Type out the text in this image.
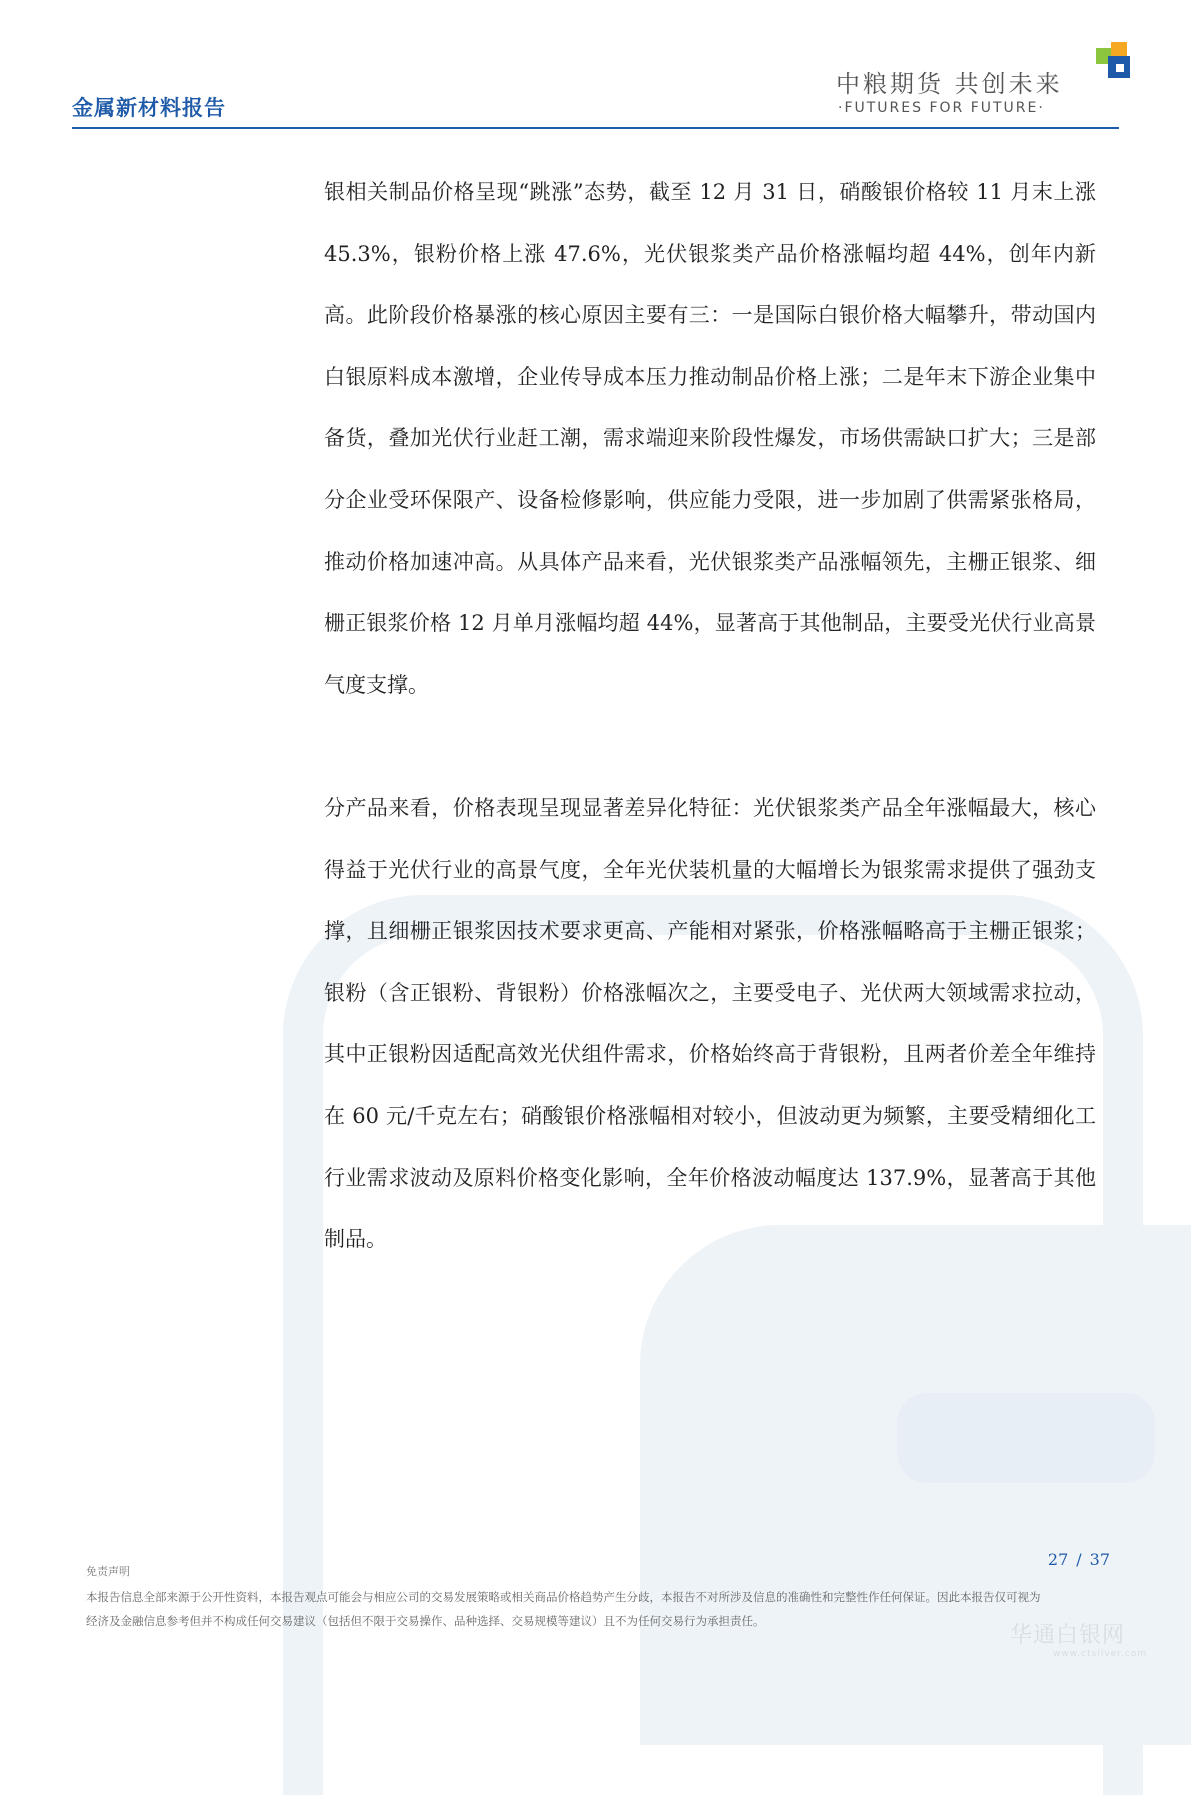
金属新材料报告
中粮期货 共创未来
·FUTURES FOR FUTURE·
银相关制品价格呈现“跳涨”态势，截至 12 月 31 日，硝酸银价格较 11 月末上涨 45.3%，银粉价格上涨 47.6%，光伏银浆类产品价格涨幅均超 44%，创年内新高。此阶段价格暴涨的核心原因主要有三：一是国际白银价格大幅攀升，带动国内白银原料成本激增，企业传导成本压力推动制品价格上涨；二是年末下游企业集中备货，叠加光伏行业赶工潮，需求端迎来阶段性爆发，市场供需缺口扩大；三是部分企业受环保限产、设备检修影响，供应能力受限，进一步加剧了供需紧张格局，推动价格加速冲高。从具体产品来看，光伏银浆类产品涨幅领先，主栅正银浆、细栅正银浆价格 12 月单月涨幅均超 44%，显著高于其他制品，主要受光伏行业高景气度支撑。
分产品来看，价格表现呈现显著差异化特征：光伏银浆类产品全年涨幅最大，核心得益于光伏行业的高景气度，全年光伏装机量的大幅增长为银浆需求提供了强劲支撑，且细栅正银浆因技术要求更高、产能相对紧张，价格涨幅略高于主栅正银浆；银粉（含正银粉、背银粉）价格涨幅次之，主要受电子、光伏两大领域需求拉动，其中正银粉因适配高效光伏组件需求，价格始终高于背银粉，且两者价差全年维持在 60 元/千克左右；硝酸银价格涨幅相对较小，但波动更为频繁，主要受精细化工行业需求波动及原料价格变化影响，全年价格波动幅度达 137.9%，显著高于其他制品。
27 / 37
免责声明
本报告信息全部来源于公开性资料，本报告观点可能会与相应公司的交易发展策略或相关商品价格趋势产生分歧，本报告不对所涉及信息的准确性和完整性作任何保证。因此本报告仅可视为经济及金融信息参考但并不构成任何交易建议（包括但不限于交易操作、品种选择、交易规模等建议）且不为任何交易行为承担责任。
华通白银网
www.ctsilver.com
